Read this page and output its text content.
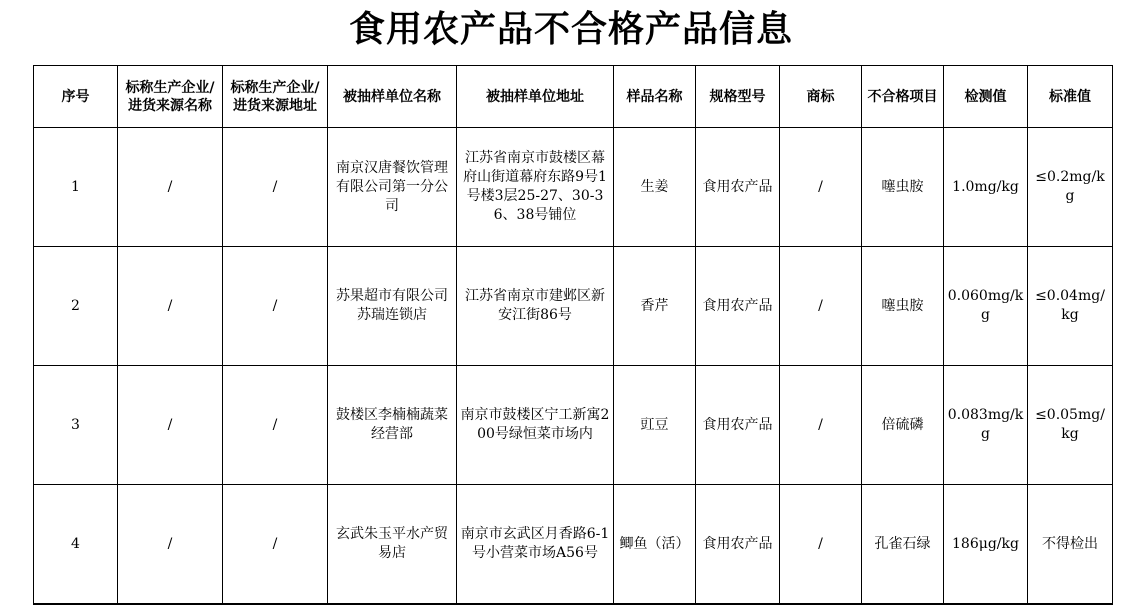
食用农产品不合格产品信息
序号	标称生产企业/进货来源名称	标称生产企业/进货来源地址	被抽样单位名称	被抽样单位地址	样品名称	规格型号	商标	不合格项目	检测值	标准值
1	/	/	南京汉唐餐饮管理有限公司第一分公司	江苏省南京市鼓楼区幕府山街道幕府东路9号1号楼3层25-27、30-36、38号铺位	生姜	食用农产品	/	噻虫胺	1.0mg/kg	≤0.2mg/kg
2	/	/	苏果超市有限公司苏瑞连锁店	江苏省南京市建邺区新安江街86号	香芹	食用农产品	/	噻虫胺	0.060mg/kg	≤0.04mg/kg
3	/	/	鼓楼区李楠楠蔬菜经营部	南京市鼓楼区宁工新寓200号绿恒菜市场内	豇豆	食用农产品	/	倍硫磷	0.083mg/kg	≤0.05mg/kg
4	/	/	玄武朱玉平水产贸易店	南京市玄武区月香路6-1号小营菜市场A56号	鲫鱼（活）	食用农产品	/	孔雀石绿	186μg/kg	不得检出
